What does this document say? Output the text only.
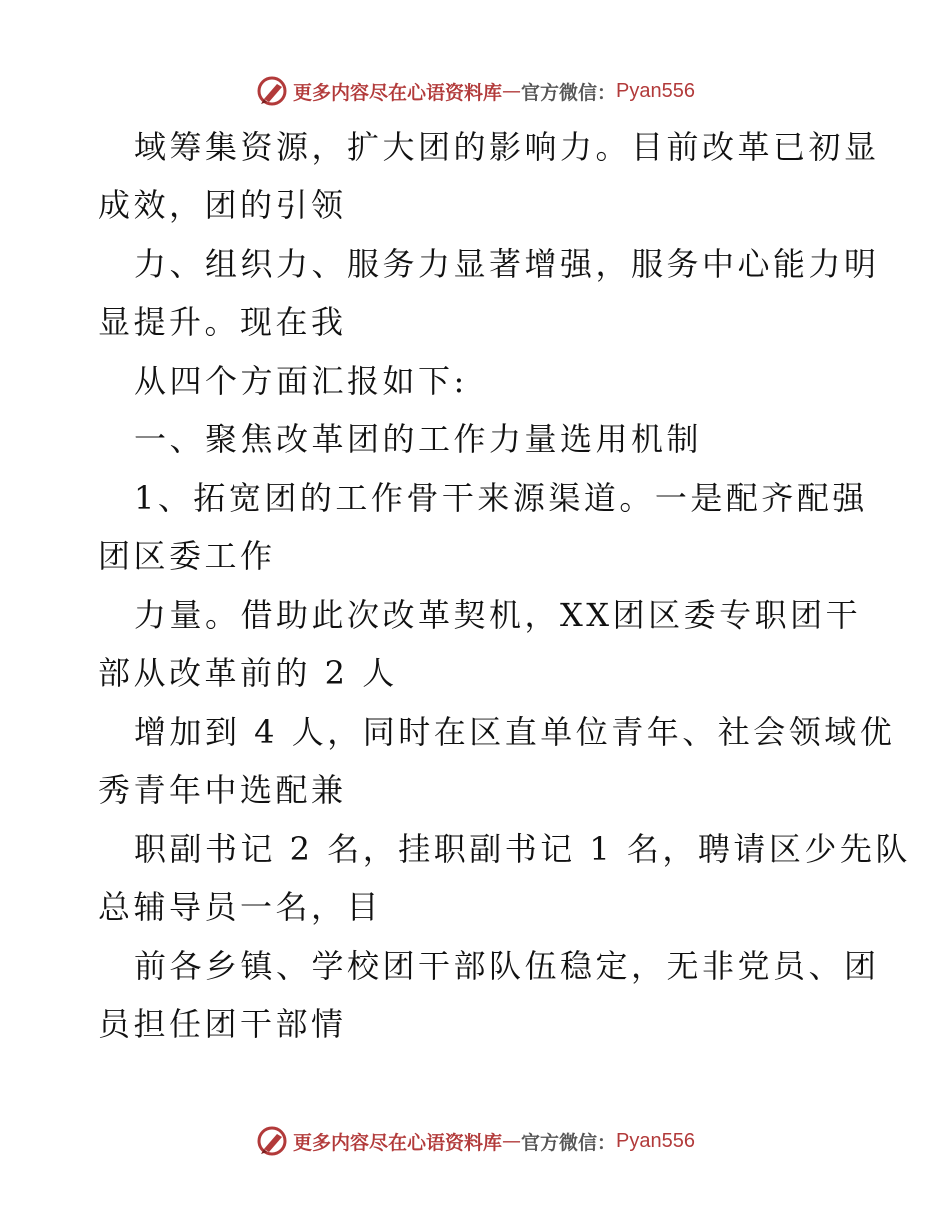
更多内容尽在心语资料库 — 官方微信： Pyan556
域筹集资源，扩大团的影响力。目前改革已初显
成效，团的引领
力、组织力、服务力显著增强，服务中心能力明
显提升。现在我
从四个方面汇报如下:
一、聚焦改革团的工作力量选用机制
1、拓宽团的工作骨干来源渠道。一是配齐配强
团区委工作
力量。借助此次改革契机，XX团区委专职团干
部从改革前的 2 人
增加到 4 人，同时在区直单位青年、社会领域优
秀青年中选配兼
职副书记 2 名，挂职副书记 1 名，聘请区少先队
总辅导员一名，目
前各乡镇、学校团干部队伍稳定，无非党员、团
员担任团干部情
更多内容尽在心语资料库 — 官方微信： Pyan556
